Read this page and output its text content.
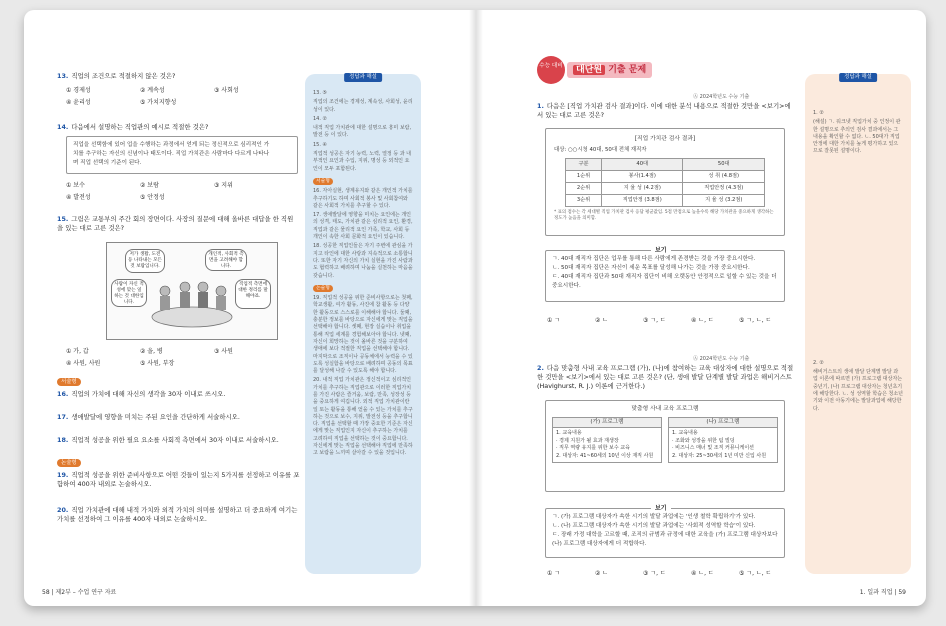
13. 직업의 조건으로 적절하지 않은 것은?
① 경제성	② 계속성	③ 사회성
④ 윤리성	⑤ 가치지향성
14. 다음에서 설명하는 직업관의 예시로 적절한 것은?
직업을 선택함에 있어 업을 수행하는 과정에서 얻게 되는 정신적으로 심리적인 가
치를 추구하는 자신의 신념이나 태도이다. 직업 가치관은 사람마다 다르게 나타나
며 직업 선택의 기준이 된다.
① 보수	② 보람	③ 지위
④ 발전성	⑤ 안정성
15. 그림은 교통부의 주간 회의 장면이다. 사장의 질문에 대해 올바른 대답을 한 직원을 있는 대로 고른 것은?
저가 생활, 도전 등 나타내는 모든 것 보람입니다.
개인적, 사회적 측면을 고려해야 합니다.
사람이 자신 적성에 맞는 일 하는 것 대한입니다.
직업적 측면에 대한 정리를 말해야죠.
① 가, 갑	② 을, 병	③ 사원
④ 사원, 사원	⑤ 사원, 부장
서술형
16. 직업의 가치에 대해 자신의 생각을 30자 이내로 쓰시오.
17. 생애발달에 영향을 미치는 주된 요인을 간단하게 서술하시오.
18. 직업적 성공을 위한 필요 요소를 사회적 측면에서 30자 이내로 서술하시오.
논술형
19. 직업적 성공을 위한 준비사항으로 어떤 것들이 있는지 5가지를 선정하고 이유를 포함하여 400자 내외로 논술하시오.
20. 직업 가치관에 대해 내적 가치와 외적 가치의 의미를 설명하고 더 중요하게 여기는 가치를 선정하여 그 이유를 400자 내외로 논술하시오.
정답과 해설
13. ⑤
직업의 조건에는 경제성, 계속성, 사회성, 윤리성이 있다.
14. ②
내적 직업 가치관에 대한 설명으로 흥미 보람, 발전 등 이 있다.
15. ④
직업적 성공은 자기 능력, 노력, 열정 등 과 내부적인 요인과 수입, 지위, 명성 등 외적인 요인이 모두 포함된다.
서술형
16. 자아실현, 생계유지와 같은 개인적 가치를 추구하기도 하며 사회적 봉사 및 사회참여와 같은 사회적 가치를 추구할 수 있다.
17. 생애발달에 영향을 미치는 요인에는 개인의 성격, 태도, 가치관 같은 심리적 요인, 환경, 직업과 같은 물리적 요인 가족, 학교, 사회 등 개인이 속한 사회 문화적 요인이 있습니다.
18. 성공한 직업인들은 자기 주변에 관심을 가지고 타인에 대한 사랑과 지속적으로 소통합니다. 또한 자기 자신의 가치 실현을 가진 사람과도 협력하고 배려하며 나눔을 실천하는 마음을 갖습니다.
논술형
19. 직업적 성공을 위한 준비사항으로는 첫째, 학교생활, 여가 활동, 사진에 참 활동 등 다양한 활동으로 스스로를 이해해야 합니다. 둘째, 충분한 정보를 바탕으로 자신에게 맞는 직업을 선택해야 합니다. 셋째, 현장 실습이나 취업을 통해 직업 세계를 경험해보아야 합니다. 넷째, 자신이 희망하는 것이 올바른 것을 구분하여 생애에 보다 적절한 직업을 선택해야 합니다. 마지막으로 조직이나 공동체에서 능력을 수 있도록 성실함을 바탕으로 배려하며 공동의 목표를 달성해 나갈 수 있도록 해야 합니다.
20. 내적 직업 가치관은 정신적이고 심리적인 가치를 추구하는 직업관으로 이러한 직업가치를 가진 사람은 즐거움, 보람, 만족, 성장성 등을 중요하게 여깁니다. 외적 직업 가치관이란 일 또는 활동을 통해 얻을 수 있는 가치를 추구하는 것으로 보수, 지위, 발전성 등을 추구합니다. 직업을 선택할 때 가장 중요한 기준은 자신에게 맞는 직업인지 자신이 추구하는 가치를 고려하여 직업을 선택하는 것이 중요합니다. 자신에게 맞는 직업을 선택해야 직업에 만족하고 보람을 느끼며 살아갈 수 있을 것입니다.
58 | 제2부 – 수업 연구 자료
수능 대비	대단원 기출 문제
Ⓐ 2024학년도 수능 기출
1. 다음은 [직업 가치관 검사 결과]이다. 이에 대한 분석 내용으로 적절한 것만을 <보기>에서 있는 대로 고른 것은?
[직업 가치관 검사 결과]
대상: ○○시청 40대, 50대 전체 재직자
구분	40대	50대
1순위	봉사(1.4점)	성 취 (4.8점)
2순위	지 율 성 (4.2점)	직업안정 (4.3점)
3순위	직업안정 (3.8점)	지 율 성 (3.2점)
* 표의 점수는 각 세대별 직업 가치관 검사 응답 평균값임. 5점 만점으로 높을수록 해당 가치관을 중요하게 생각하는 정도가 높음을 의미함.
ㄱ. 40대 재직자 집단은 업무를 통해 다른 사람에게 존경받는 것을 가장 중요시한다.
ㄴ. 50대 재직자 집단은 자신이 세운 목표를 달성해 나가는 것을 가장 중요시한다.
ㄷ. 40대 재직자 집단과 50대 재직자 집단이 비해 오랫동안 안정적으로 일할 수 있는 것을 더 중요시한다.
보기
① ㄱ	② ㄴ	③ ㄱ, ㄷ	④ ㄴ, ㄷ	⑤ ㄱ, ㄴ, ㄷ
Ⓐ 2024학년도 수능 기출
2. 다음 맞춤형 사내 교육 프로그램 (가), (나)에 참여하는 교육 대상자에 대한 설명으로 적절한 것만을 <보기>에서 있는 대로 고른 것은? (단, 생애 발달 단계별 발달 과업은 해비거스트(Havighurst, R. J.) 이론에 근거한다.)
맞춤형 사내 교육 프로그램
(가) 프로그램
1. 교육내용
· 경제 지원가 될 효과 재생장
· 직무 역량 유지를 위한 보수 교육
2. 대상자: 41~60세의 10년 이상 재직 사원
(나) 프로그램
1. 교육내용
· 조화와 성장을 위한 팀 빌딩
· 비즈니스 매너 및 조직 커뮤니케이션
2. 대상자: 25~30세의 1년 미만 신입 사원
ㄱ. (가) 프로그램 대상자가 속한 시기의 발달 과업에는 '인생 철학 확립하기'가 있다.
ㄴ. (나) 프로그램 대상자가 속한 시기의 발달 과업에는 '사회적 성역할 학습'이 있다.
ㄷ. 장래 가정 대학을 고르할 때, 조직의 규범과 규정에 대한 교육을 (가) 프로그램 대상자보다 (나) 프로그램 대상자에게 더 적합하다.
보기
① ㄱ	② ㄴ	③ ㄱ, ㄷ	④ ㄴ, ㄷ	⑤ ㄱ, ㄴ, ㄷ
정답과 해설
1. ②
(해설) ㄱ. 워크넷 직업가치 중 인정이 관한 설명으로 추의인 검사 결과에서는 그 내용을 확인할 수 없다. ㄴ. 50대가 직업안정에 대한 가치를 높게 평가하고 있으므로 잘못된 설명이다.
2. ②
해비거스트의 생애 발달 단계별 발달 과업 이론에 따르면 (가) 프로그램 대상자는 중년기, (나) 프로그램 대상자는 청년초기에 해당한다. ㄴ. 성 성역할 학습은 청소년기와 이전 아동기에는 발달과업에 해당한다.
1. 일과 직업 | 59
